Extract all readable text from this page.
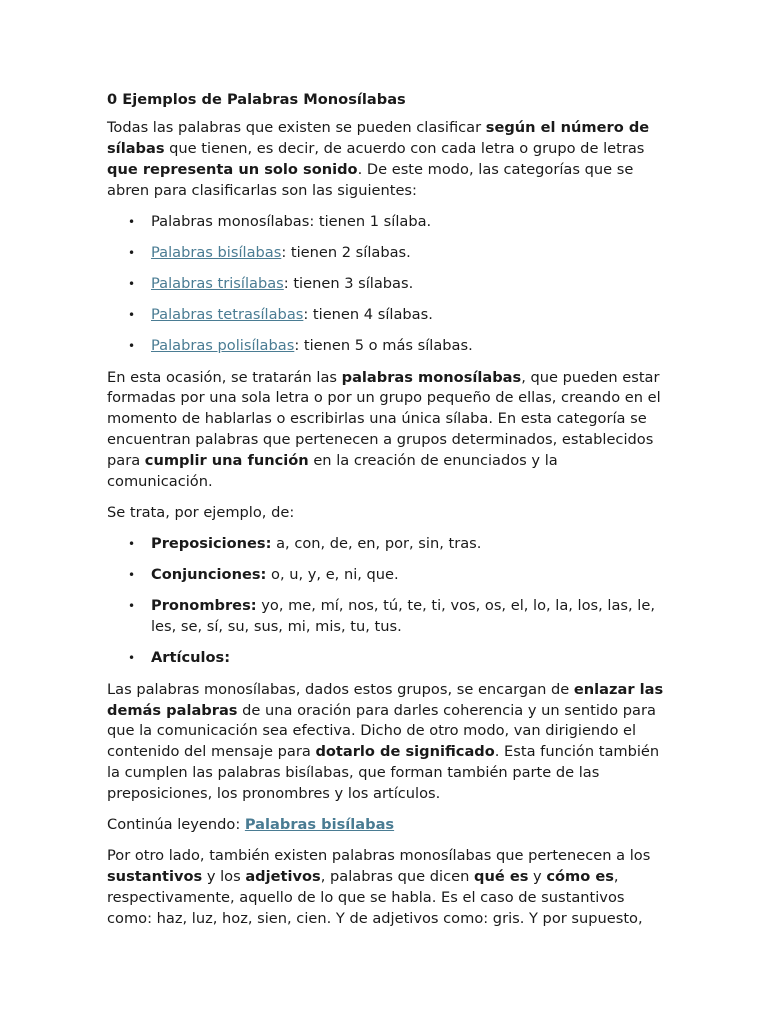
0 Ejemplos de Palabras Monosílabas

Todas las palabras que existen se pueden clasificar según el número de sílabas que tienen, es decir, de acuerdo con cada letra o grupo de letras que representa un solo sonido. De este modo, las categorías que se abren para clasificarlas son las siguientes:

• Palabras monosílabas: tienen 1 sílaba.
• Palabras bisílabas: tienen 2 sílabas.
• Palabras trisílabas: tienen 3 sílabas.
• Palabras tetrasílabas: tienen 4 sílabas.
• Palabras polisílabas: tienen 5 o más sílabas.

En esta ocasión, se tratarán las palabras monosílabas, que pueden estar formadas por una sola letra o por un grupo pequeño de ellas, creando en el momento de hablarlas o escribirlas una única sílaba. En esta categoría se encuentran palabras que pertenecen a grupos determinados, establecidos para cumplir una función en la creación de enunciados y la comunicación.

Se trata, por ejemplo, de:

• Preposiciones: a, con, de, en, por, sin, tras.
• Conjunciones: o, u, y, e, ni, que.
• Pronombres: yo, me, mí, nos, tú, te, ti, vos, os, el, lo, la, los, las, le, les, se, sí, su, sus, mi, mis, tu, tus.
• Artículos:

Las palabras monosílabas, dados estos grupos, se encargan de enlazar las demás palabras de una oración para darles coherencia y un sentido para que la comunicación sea efectiva. Dicho de otro modo, van dirigiendo el contenido del mensaje para dotarlo de significado. Esta función también la cumplen las palabras bisílabas, que forman también parte de las preposiciones, los pronombres y los artículos.

Continúa leyendo: Palabras bisílabas

Por otro lado, también existen palabras monosílabas que pertenecen a los sustantivos y los adjetivos, palabras que dicen qué es y cómo es, respectivamente, aquello de lo que se habla. Es el caso de sustantivos como: haz, luz, hoz, sien, cien. Y de adjetivos como: gris. Y por supuesto,
